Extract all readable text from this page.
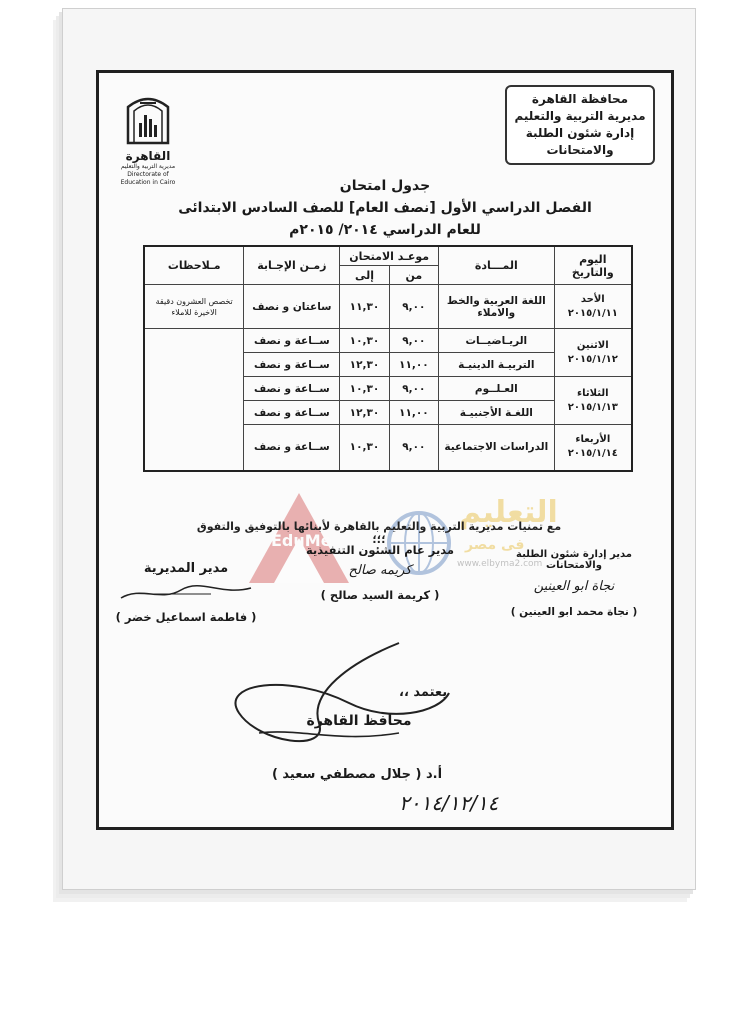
محافظة القاهرة
مديرية التربية والتعليم
إدارة شئون الطلبة والامتحانات
القاهرة
مديرية التربية والتعليم
Directorate of Education in Cairo	جدول امتحان
الفصل الدراسي الأول [نصف العام] للصف السادس الابتدائى
للعام الدراسي ٢٠١٤/ ٢٠١٥م
اليوم والتاريخ	المـــادة	موعـد الامتحان		زمـن الإجـابة	مـلاحظات
		من	إلى		

الأحد
٢٠١٥/١/١١	اللغة العربية والخط والاملاء	٩,٠٠	١١,٣٠	ساعتان و نصف	تخصص العشرون دقيقة الاخيرة للاملاء

الاثنين
٢٠١٥/١/١٢	الريـاضيــات	٩,٠٠	١٠,٣٠	ســاعة و نصف	
	التربيـة الدينيـة	١١,٠٠	١٢,٣٠	ســاعة و نصف	

الثلاثاء
٢٠١٥/١/١٣	العـلــوم	٩,٠٠	١٠,٣٠	ســاعة و نصف	
	اللغـة الأجنبيـة	١١,٠٠	١٢,٣٠	ســاعة و نصف	

الأربعاء
٢٠١٥/١/١٤	الدراسات الاجتماعية	٩,٠٠	١٠,٣٠	ســاعة و نصف	
EduMe
التعليم
فى مصر
www.elbyma2.com
مع تمنيات مديرية التربية والتعليم بالقاهرة لأبنائها بالتوفيق والتفوق ؛؛؛
مدير المديرية
( فاطمة اسماعيل خضر )
مدير عام الشئون التنفيذية
كريمه صالح
( كريمة السيد صالح )
مدير إدارة شئون الطلبة والامتحانات
نجاة ابو العينين
( نجاة محمد ابو العينين )
يعتمد ،،
محافظ القاهرة
أ.د ( جلال مصطفي سعيد )
٢٠١٤/١٢/١٤
